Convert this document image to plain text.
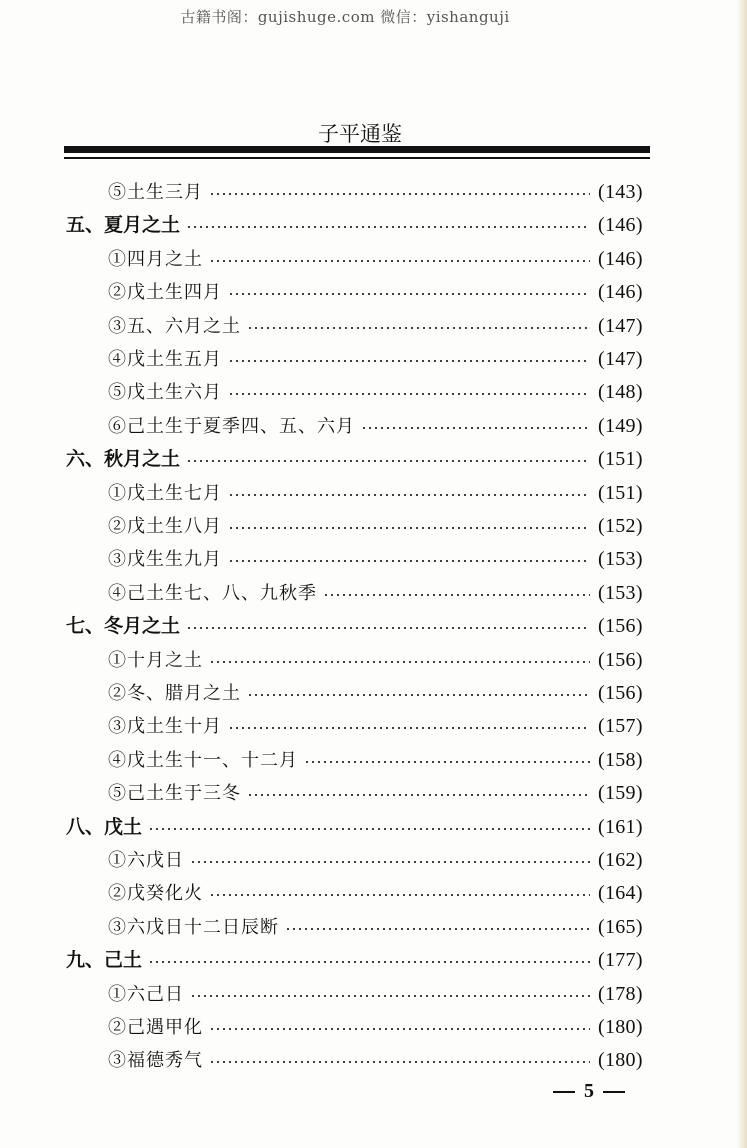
古籍书阁：gujishuge.com 微信：yishanguji
子平通鉴
⑤土生三月	(143)
五、夏月之土	(146)
①四月之土	(146)
②戊土生四月	(146)
③五、六月之土	(147)
④戊土生五月	(147)
⑤戊土生六月	(148)
⑥己土生于夏季四、五、六月	(149)
六、秋月之土	(151)
①戊土生七月	(151)
②戊土生八月	(152)
③戊生生九月	(153)
④己土生七、八、九秋季	(153)
七、冬月之土	(156)
①十月之土	(156)
②冬、腊月之土	(156)
③戊土生十月	(157)
④戊土生十一、十二月	(158)
⑤己土生于三冬	(159)
八、戊土	(161)
①六戊日	(162)
②戊癸化火	(164)
③六戊日十二日辰断	(165)
九、己土	(177)
①六己日	(178)
②己遇甲化	(180)
③福德秀气	(180)
5
